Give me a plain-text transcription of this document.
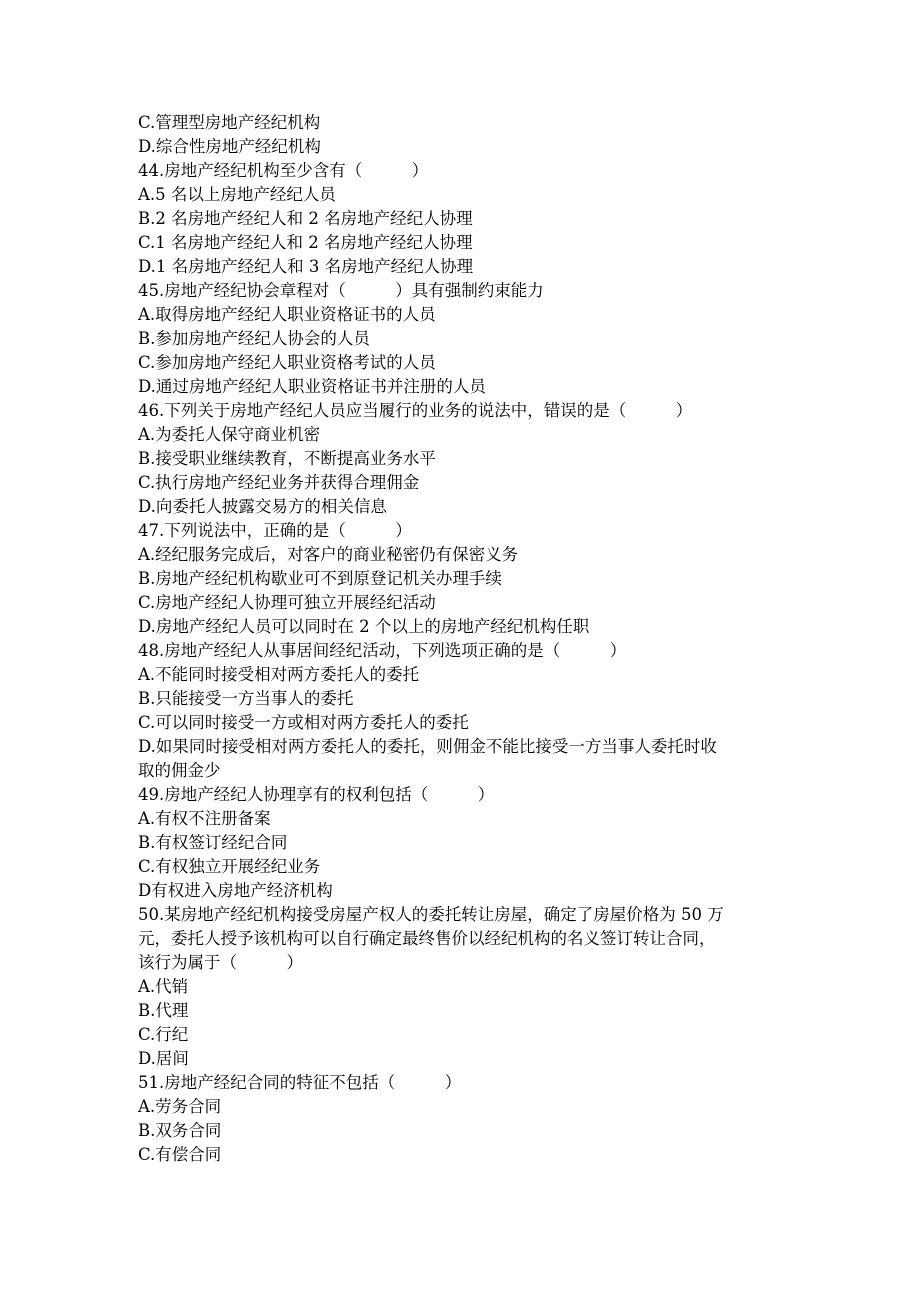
C.管理型房地产经纪机构
D.综合性房地产经纪机构
44.房地产经纪机构至少含有（　　　）
A.5 名以上房地产经纪人员
B.2 名房地产经纪人和 2 名房地产经纪人协理
C.1 名房地产经纪人和 2 名房地产经纪人协理
D.1 名房地产经纪人和 3 名房地产经纪人协理
45.房地产经纪协会章程对（　　　）具有强制约束能力
A.取得房地产经纪人职业资格证书的人员
B.参加房地产经纪人协会的人员
C.参加房地产经纪人职业资格考试的人员
D.通过房地产经纪人职业资格证书并注册的人员
46.下列关于房地产经纪人员应当履行的业务的说法中，错误的是（　　　）
A.为委托人保守商业机密
B.接受职业继续教育，不断提高业务水平
C.执行房地产经纪业务并获得合理佣金
D.向委托人披露交易方的相关信息
47.下列说法中，正确的是（　　　）
A.经纪服务完成后，对客户的商业秘密仍有保密义务
B.房地产经纪机构歇业可不到原登记机关办理手续
C.房地产经纪人协理可独立开展经纪活动
D.房地产经纪人员可以同时在 2 个以上的房地产经纪机构任职
48.房地产经纪人从事居间经纪活动，下列选项正确的是（　　　）
A.不能同时接受相对两方委托人的委托
B.只能接受一方当事人的委托
C.可以同时接受一方或相对两方委托人的委托
D.如果同时接受相对两方委托人的委托，则佣金不能比接受一方当事人委托时收
取的佣金少
49.房地产经纪人协理享有的权利包括（　　　）
A.有权不注册备案
B.有权签订经纪合同
C.有权独立开展经纪业务
D有权进入房地产经济机构
50.某房地产经纪机构接受房屋产权人的委托转让房屋，确定了房屋价格为 50 万
元，委托人授予该机构可以自行确定最终售价以经纪机构的名义签订转让合同，
该行为属于（　　　）
A.代销
B.代理
C.行纪
D.居间
51.房地产经纪合同的特征不包括（　　　）
A.劳务合同
B.双务合同
C.有偿合同
